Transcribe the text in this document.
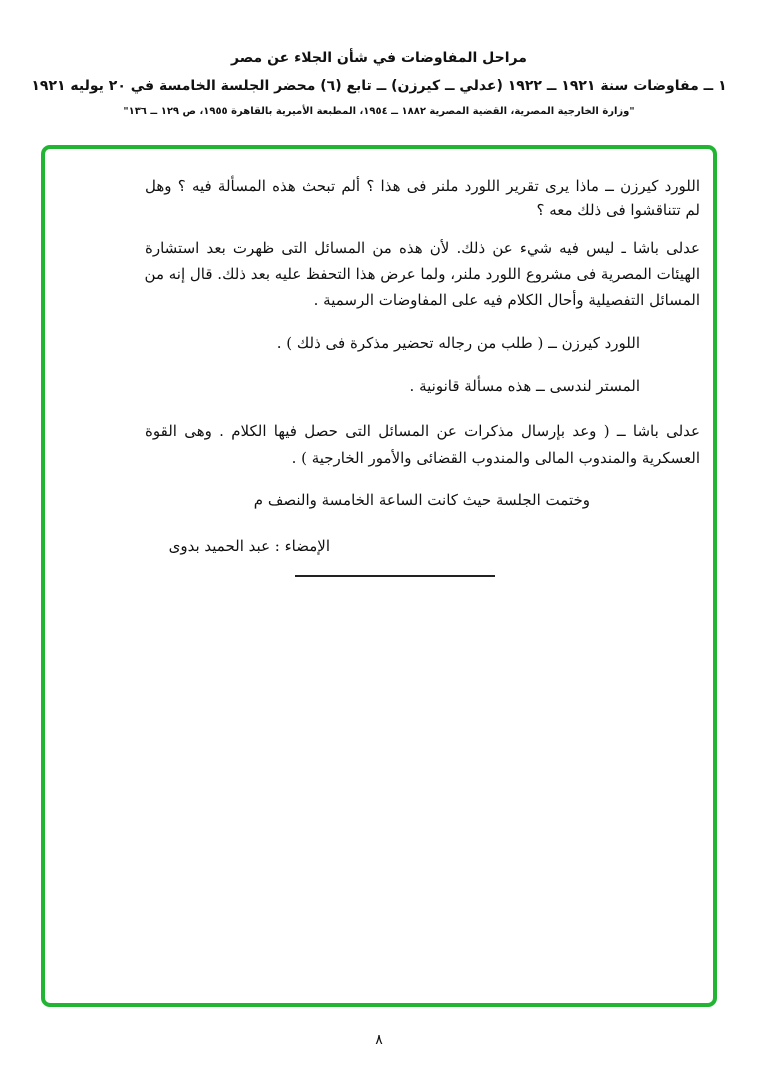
مراحل المفاوضات في شأن الجلاء عن مصر
١ ــ مفاوضات سنة ١٩٢١ ــ ١٩٢٢ (عدلي ــ كيرزن) ــ تابع (٦) محضر الجلسة الخامسة في ٢٠ يوليه ١٩٢١
"وزارة الخارجية المصرية، القضية المصرية ١٨٨٢ ــ ١٩٥٤، المطبعة الأميرية بالقاهرة ١٩٥٥، ص ١٢٩ ــ ١٣٦"
اللورد كيرزن ــ ماذا يرى تقرير اللورد ملنر فى هذا ؟ ألم تبحث هذه المسألة فيه ؟ وهل
لم تتناقشوا فى ذلك معه ؟
عدلى باشا ـ ليس فيه شيء عن ذلك. لأن هذه من المسائل التى ظهرت بعد استشارة
الهيئات المصرية فى مشروع اللورد ملنر، ولما عرض هذا التحفظ عليه بعد ذلك. قال إنه من
المسائل التفصيلية وأحال الكلام فيه على المفاوضات الرسمية .
اللورد كيرزن ــ ( طلب من رجاله تحضير مذكرة فى ذلك ) .
المستر لندسى ــ هذه مسألة قانونية .
عدلى باشا ــ ( وعد بإرسال مذكرات عن المسائل التى حصل فيها الكلام . وهى القوة
العسكرية والمندوب المالى والمندوب القضائى والأمور الخارجية ) .
وختمت الجلسة حيث كانت الساعة الخامسة والنصف م
الإمضاء : عبد الحميد بدوى
٨
